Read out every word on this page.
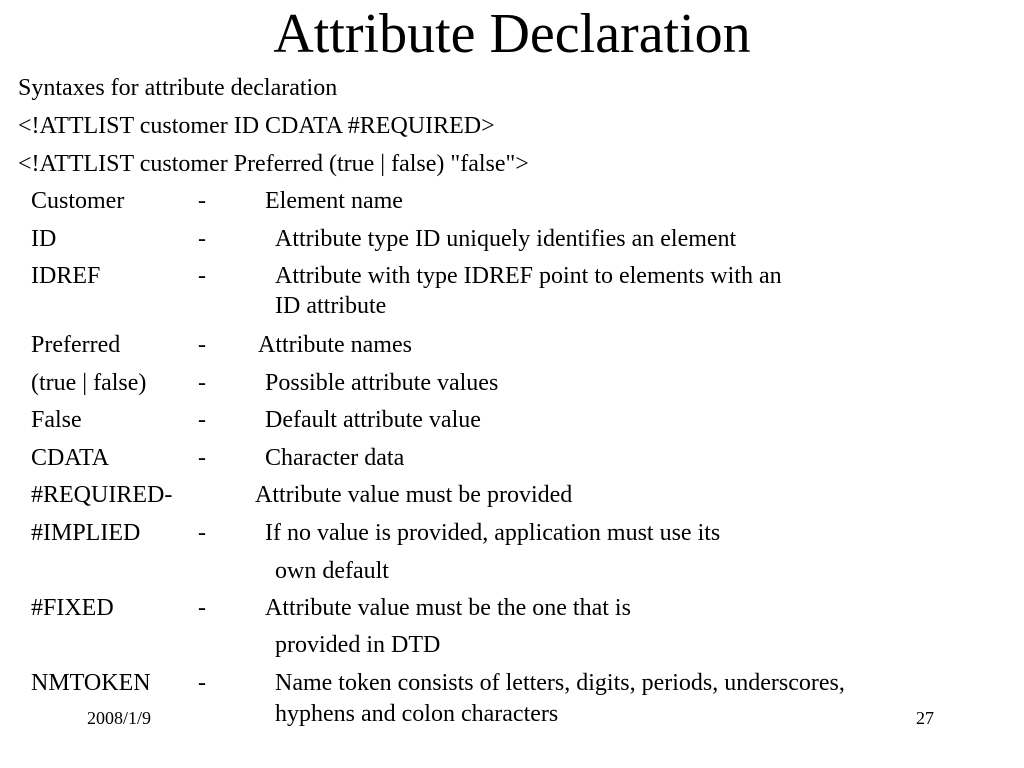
Attribute Declaration
Syntaxes for attribute declaration
<!ATTLIST customer ID CDATA #REQUIRED>
<!ATTLIST customer Preferred (true | false) "false">
Customer	- Element name
ID	-	Attribute type ID uniquely identifies an element
IDREF	-	Attribute with type IDREF point to elements with an
ID attribute
Preferred	- Attribute names
(true | false) - Possible attribute values
False	- Default attribute value
CDATA	- Character data
#REQUIRED-	Attribute value must be provided
#IMPLIED - If no value is provided, application must use its
own default
#FIXED	- Attribute value must be the one that is
provided in DTD
NMTOKEN -	Name token consists of letters, digits, periods, underscores,
hyphens and colon characters
2008/1/9	27
